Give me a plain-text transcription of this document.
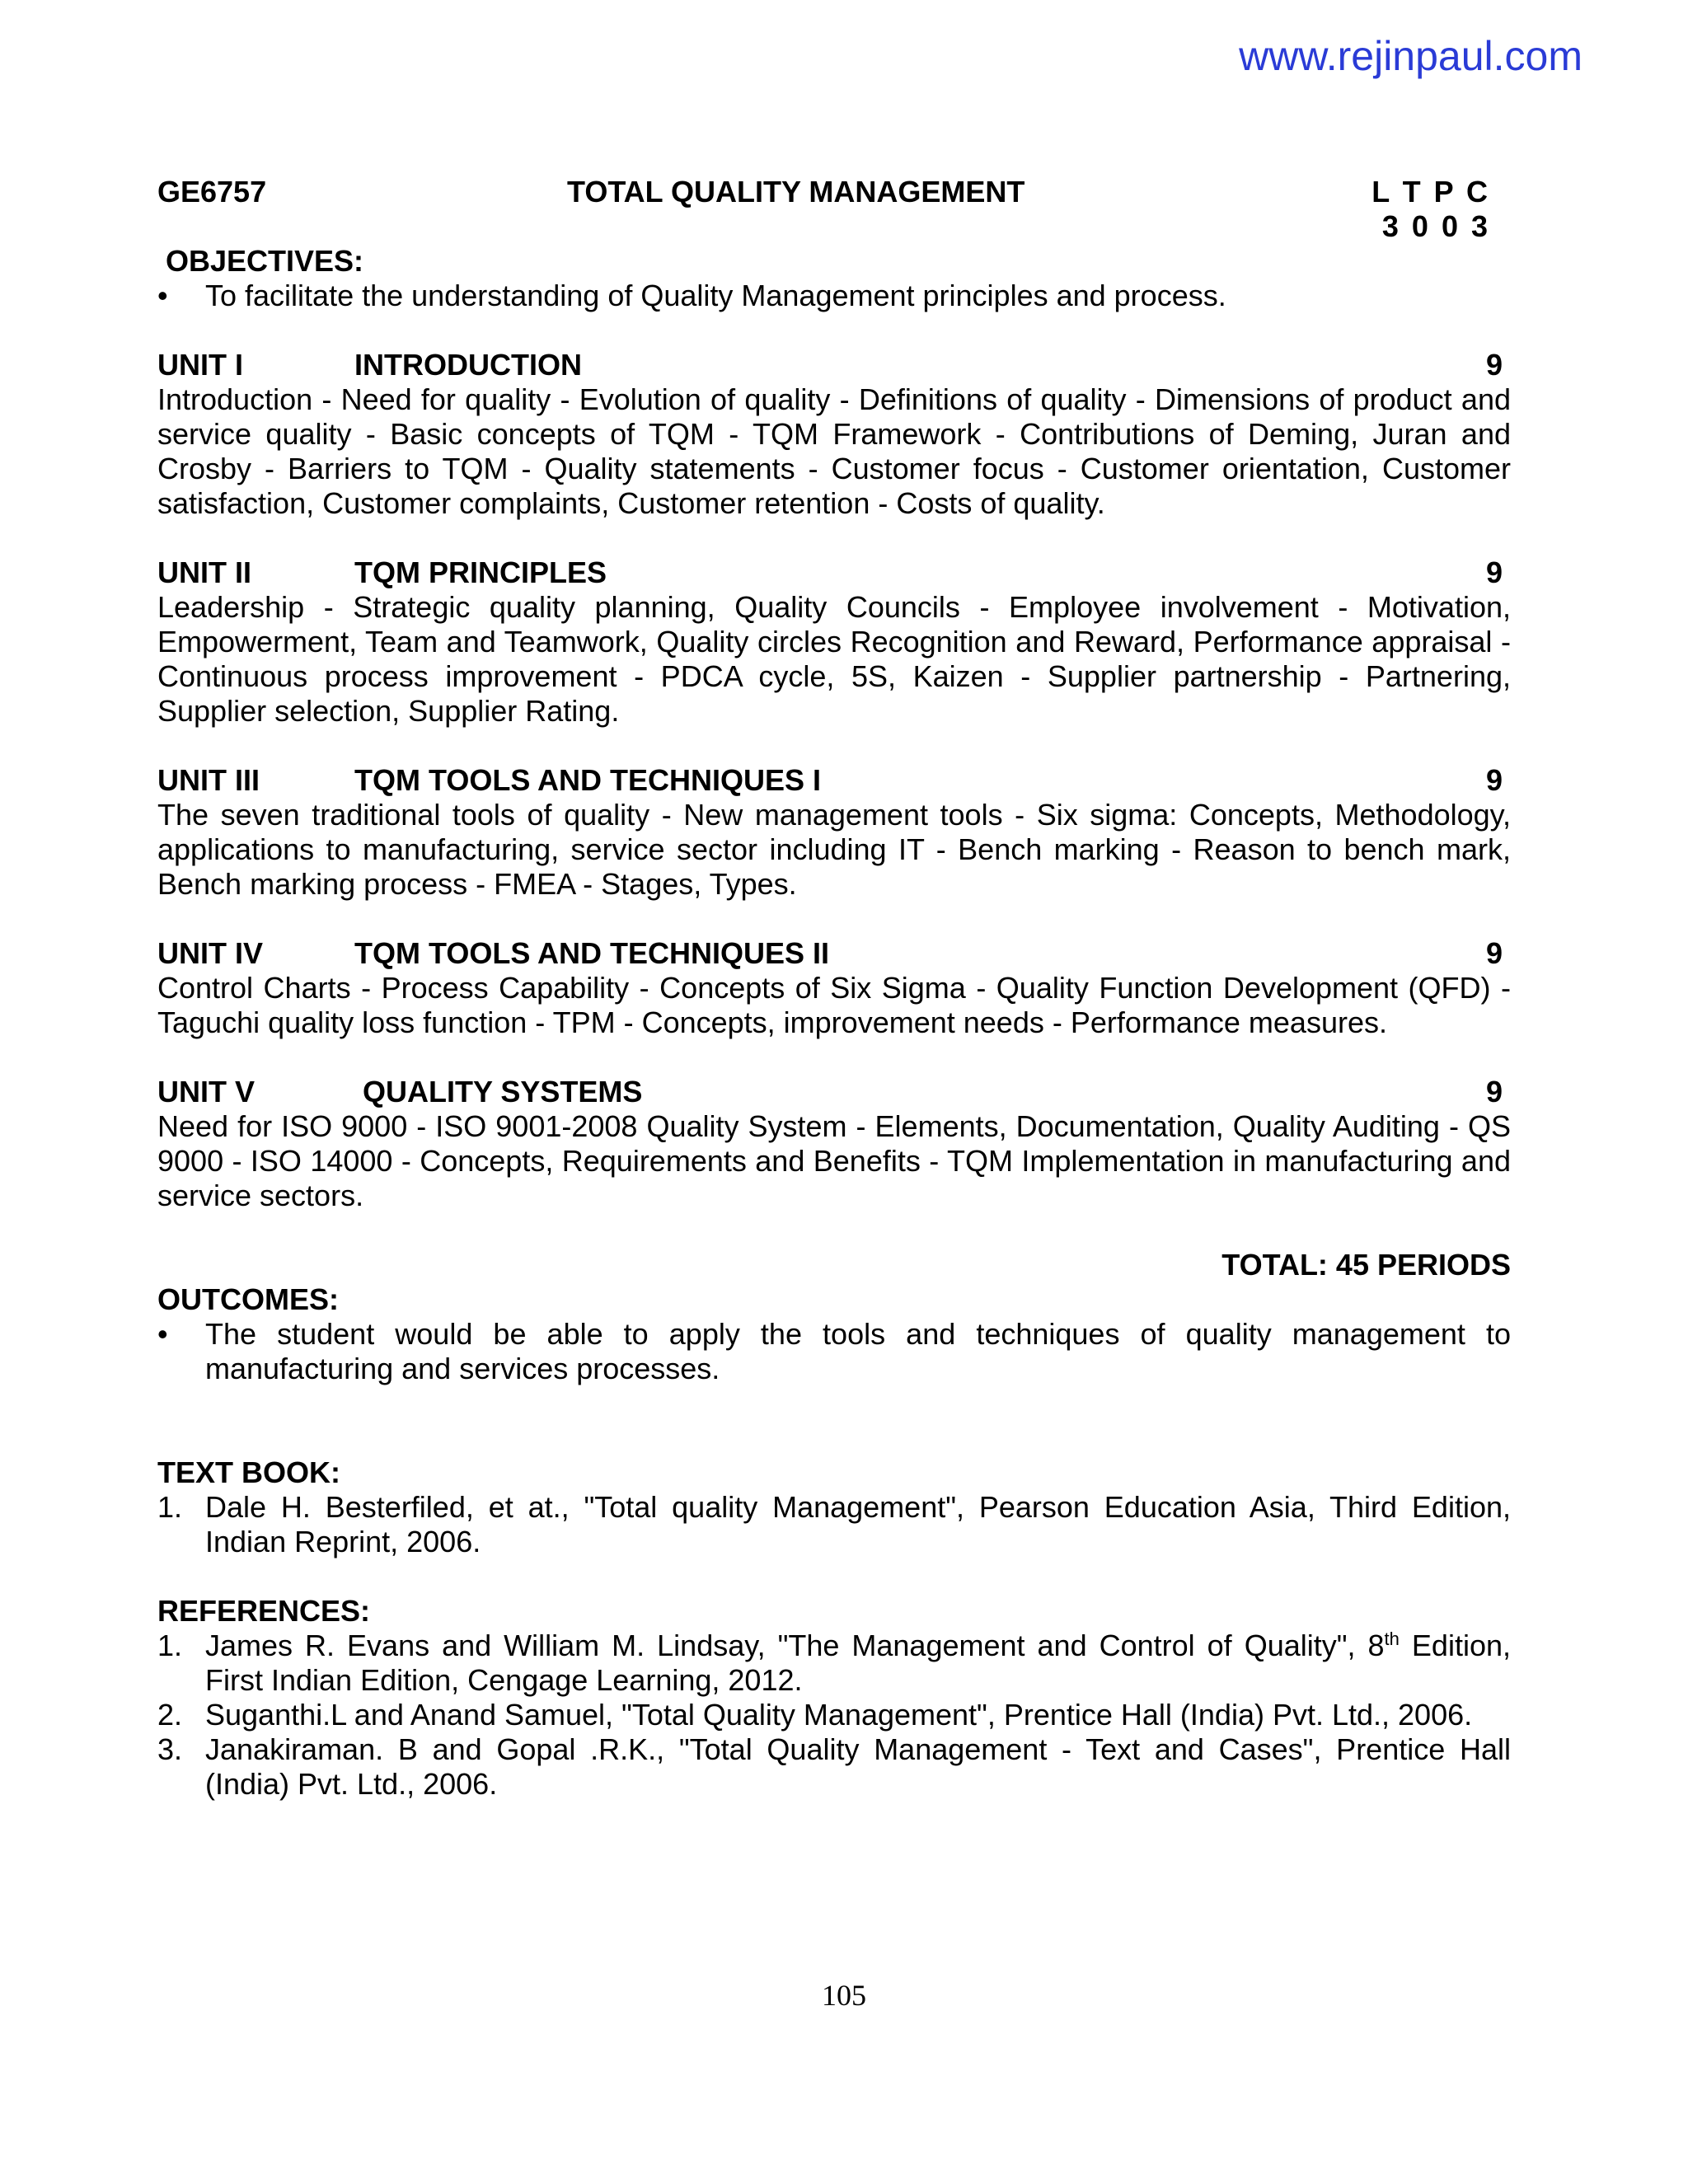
www.rejinpaul.com
GE6757	TOTAL QUALITY MANAGEMENT	L T P C
3 0 0 3
OBJECTIVES:
• To facilitate the understanding of Quality Management principles and process.
UNIT I	INTRODUCTION	9
Introduction - Need for quality - Evolution of quality - Definitions of quality - Dimensions of product and service quality - Basic concepts of TQM - TQM Framework - Contributions of Deming, Juran and Crosby - Barriers to TQM - Quality statements - Customer focus - Customer orientation, Customer satisfaction, Customer complaints, Customer retention - Costs of quality.
UNIT II	TQM PRINCIPLES	9
Leadership - Strategic quality planning, Quality Councils - Employee involvement - Motivation, Empowerment, Team and Teamwork, Quality circles Recognition and Reward, Performance appraisal - Continuous process improvement - PDCA cycle, 5S, Kaizen - Supplier partnership - Partnering, Supplier selection, Supplier Rating.
UNIT III	TQM TOOLS AND TECHNIQUES I	9
The seven traditional tools of quality - New management tools - Six sigma: Concepts, Methodology, applications to manufacturing, service sector including IT - Bench marking - Reason to bench mark, Bench marking process - FMEA - Stages, Types.
UNIT IV	TQM TOOLS AND TECHNIQUES II	9
Control Charts - Process Capability - Concepts of Six Sigma - Quality Function Development (QFD) - Taguchi quality loss function - TPM - Concepts, improvement needs - Performance measures.
UNIT V	QUALITY SYSTEMS	9
Need for ISO 9000 - ISO 9001-2008 Quality System - Elements, Documentation, Quality Auditing - QS 9000 - ISO 14000 - Concepts, Requirements and Benefits - TQM Implementation in manufacturing and service sectors.
TOTAL: 45 PERIODS
OUTCOMES:
• The student would be able to apply the tools and techniques of quality management to manufacturing and services processes.
TEXT BOOK:
1. Dale H. Besterfiled, et at., "Total quality Management", Pearson Education Asia, Third Edition, Indian Reprint, 2006.
REFERENCES:
1. James R. Evans and William M. Lindsay, "The Management and Control of Quality", 8th Edition, First Indian Edition, Cengage Learning, 2012.
2. Suganthi.L and Anand Samuel, "Total Quality Management", Prentice Hall (India) Pvt. Ltd., 2006.
3. Janakiraman. B and Gopal .R.K., "Total Quality Management - Text and Cases", Prentice Hall (India) Pvt. Ltd., 2006.
105
